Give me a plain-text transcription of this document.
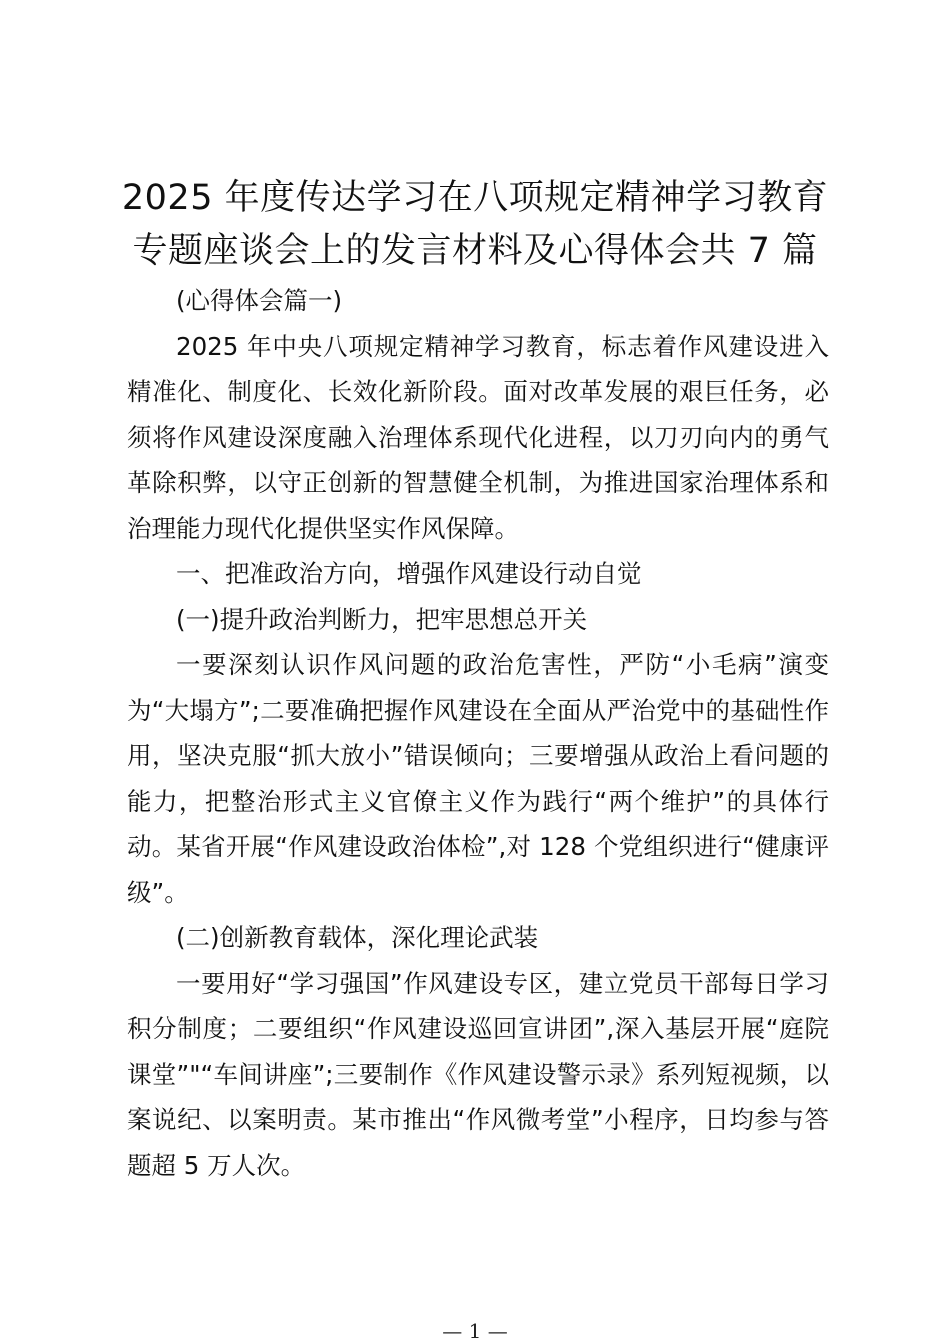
2025 年度传达学习在八项规定精神学习教育
专题座谈会上的发言材料及心得体会共 7 篇

(心得体会篇一)

2025 年中央八项规定精神学习教育，标志着作风建设进入精准化、制度化、长效化新阶段。面对改革发展的艰巨任务，必须将作风建设深度融入治理体系现代化进程，以刀刃向内的勇气革除积弊，以守正创新的智慧健全机制，为推进国家治理体系和治理能力现代化提供坚实作风保障。

一、把准政治方向，增强作风建设行动自觉

(一)提升政治判断力，把牢思想总开关

一要深刻认识作风问题的政治危害性，严防“小毛病”演变为“大塌方”;二要准确把握作风建设在全面从严治党中的基础性作用，坚决克服“抓大放小”错误倾向；三要增强从政治上看问题的能力，把整治形式主义官僚主义作为践行“两个维护”的具体行动。某省开展“作风建设政治体检”,对 128 个党组织进行“健康评级”。

(二)创新教育载体，深化理论武装

一要用好“学习强国”作风建设专区，建立党员干部每日学习积分制度；二要组织“作风建设巡回宣讲团”,深入基层开展“庭院课堂”"“车间讲座”;三要制作《作风建设警示录》系列短视频，以案说纪、以案明责。某市推出“作风微考堂”小程序，日均参与答题超 5 万人次。

— 1 —
